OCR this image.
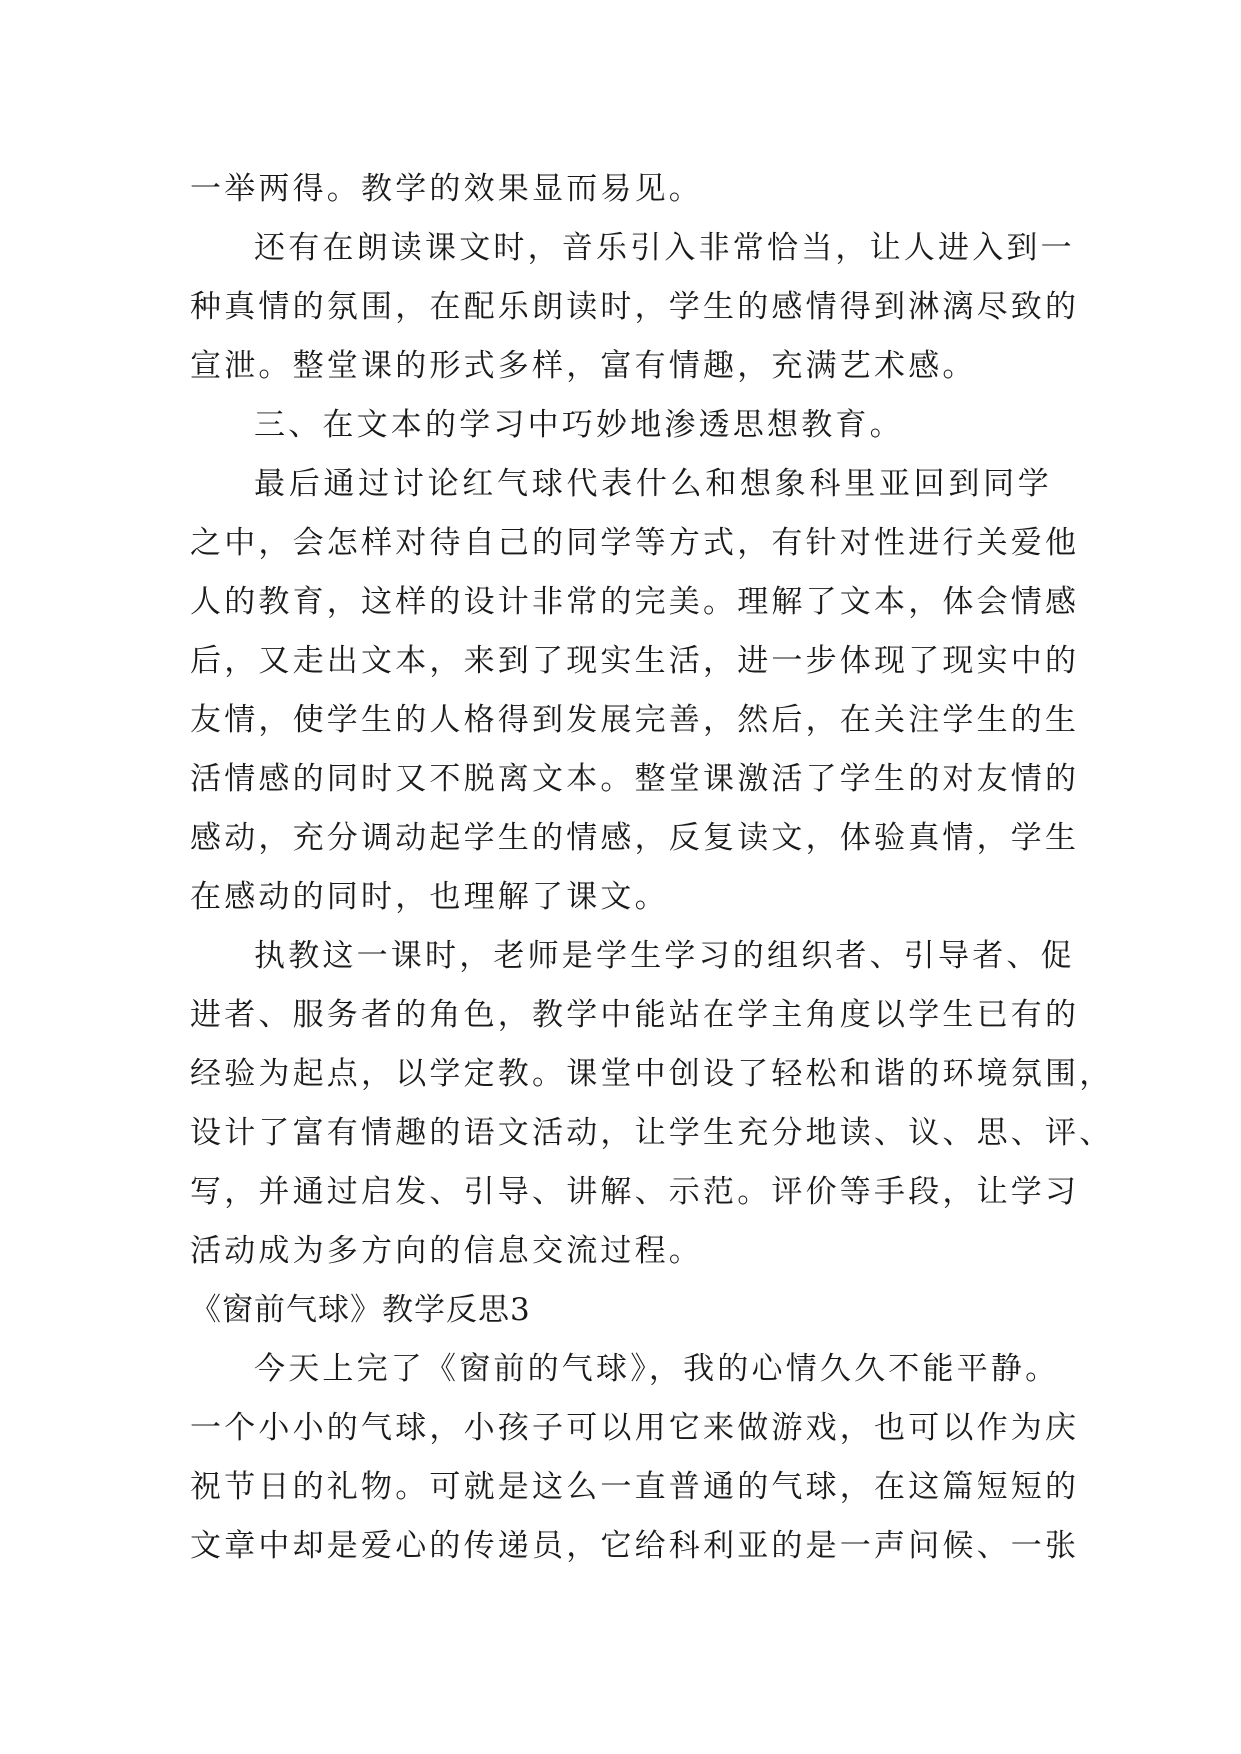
一举两得。教学的效果显而易见。
还有在朗读课文时，音乐引入非常恰当，让人进入到一
种真情的氛围，在配乐朗读时，学生的感情得到淋漓尽致的
宣泄。整堂课的形式多样，富有情趣，充满艺术感。
三、在文本的学习中巧妙地渗透思想教育。
最后通过讨论红气球代表什么和想象科里亚回到同学
之中，会怎样对待自己的同学等方式，有针对性进行关爱他
人的教育，这样的设计非常的完美。理解了文本，体会情感
后，又走出文本，来到了现实生活，进一步体现了现实中的
友情，使学生的人格得到发展完善，然后，在关注学生的生
活情感的同时又不脱离文本。整堂课激活了学生的对友情的
感动，充分调动起学生的情感，反复读文，体验真情，学生
在感动的同时，也理解了课文。
执教这一课时，老师是学生学习的组织者、引导者、促
进者、服务者的角色，教学中能站在学主角度以学生已有的
经验为起点，以学定教。课堂中创设了轻松和谐的环境氛围，
设计了富有情趣的语文活动，让学生充分地读、议、思、评、
写，并通过启发、引导、讲解、示范。评价等手段，让学习
活动成为多方向的信息交流过程。
《窗前气球》教学反思3
今天上完了《窗前的气球》，我的心情久久不能平静。
一个小小的气球，小孩子可以用它来做游戏，也可以作为庆
祝节日的礼物。可就是这么一直普通的气球，在这篇短短的
文章中却是爱心的传递员，它给科利亚的是一声问候、一张
